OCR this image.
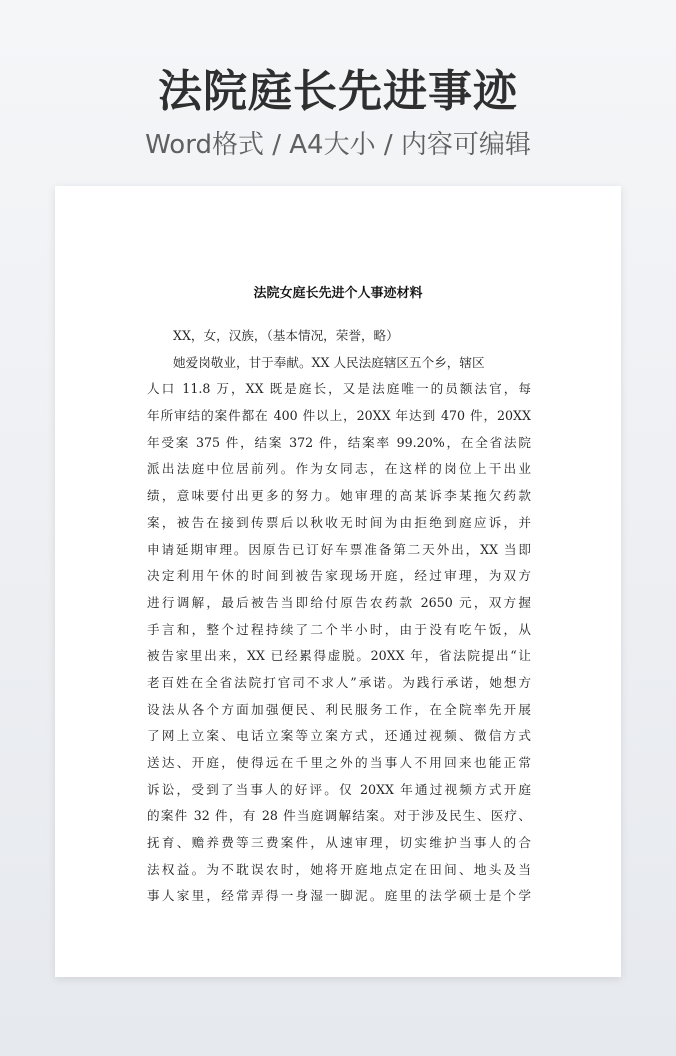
法院庭长先进事迹
Word格式 / A4大小 / 内容可编辑
法院女庭长先进个人事迹材料
XX，女，汉族，（基本情况，荣誉，略）
她爱岗敬业，甘于奉献。XX 人民法庭辖区五个乡，辖区
人口 11.8 万，XX 既是庭长，又是法庭唯一的员额法官，每
年所审结的案件都在 400 件以上，20XX 年达到 470 件，20XX
年受案 375 件，结案 372 件，结案率 99.20%，在全省法院
派出法庭中位居前列。作为女同志，在这样的岗位上干出业
绩，意味要付出更多的努力。她审理的高某诉李某拖欠药款
案，被告在接到传票后以秋收无时间为由拒绝到庭应诉，并
申请延期审理。因原告已订好车票准备第二天外出，XX 当即
决定利用午休的时间到被告家现场开庭，经过审理，为双方
进行调解，最后被告当即给付原告农药款 2650 元，双方握
手言和，整个过程持续了二个半小时，由于没有吃午饭，从
被告家里出来，XX 已经累得虚脱。20XX 年，省法院提出“让
老百姓在全省法院打官司不求人”承诺。为践行承诺，她想方
设法从各个方面加强便民、利民服务工作，在全院率先开展
了网上立案、电话立案等立案方式，还通过视频、微信方式
送达、开庭，使得远在千里之外的当事人不用回来也能正常
诉讼，受到了当事人的好评。仅 20XX 年通过视频方式开庭
的案件 32 件，有 28 件当庭调解结案。对于涉及民生、医疗、
抚育、赡养费等三费案件，从速审理，切实维护当事人的合
法权益。为不耽误农时，她将开庭地点定在田间、地头及当
事人家里，经常弄得一身湿一脚泥。庭里的法学硕士是个学
